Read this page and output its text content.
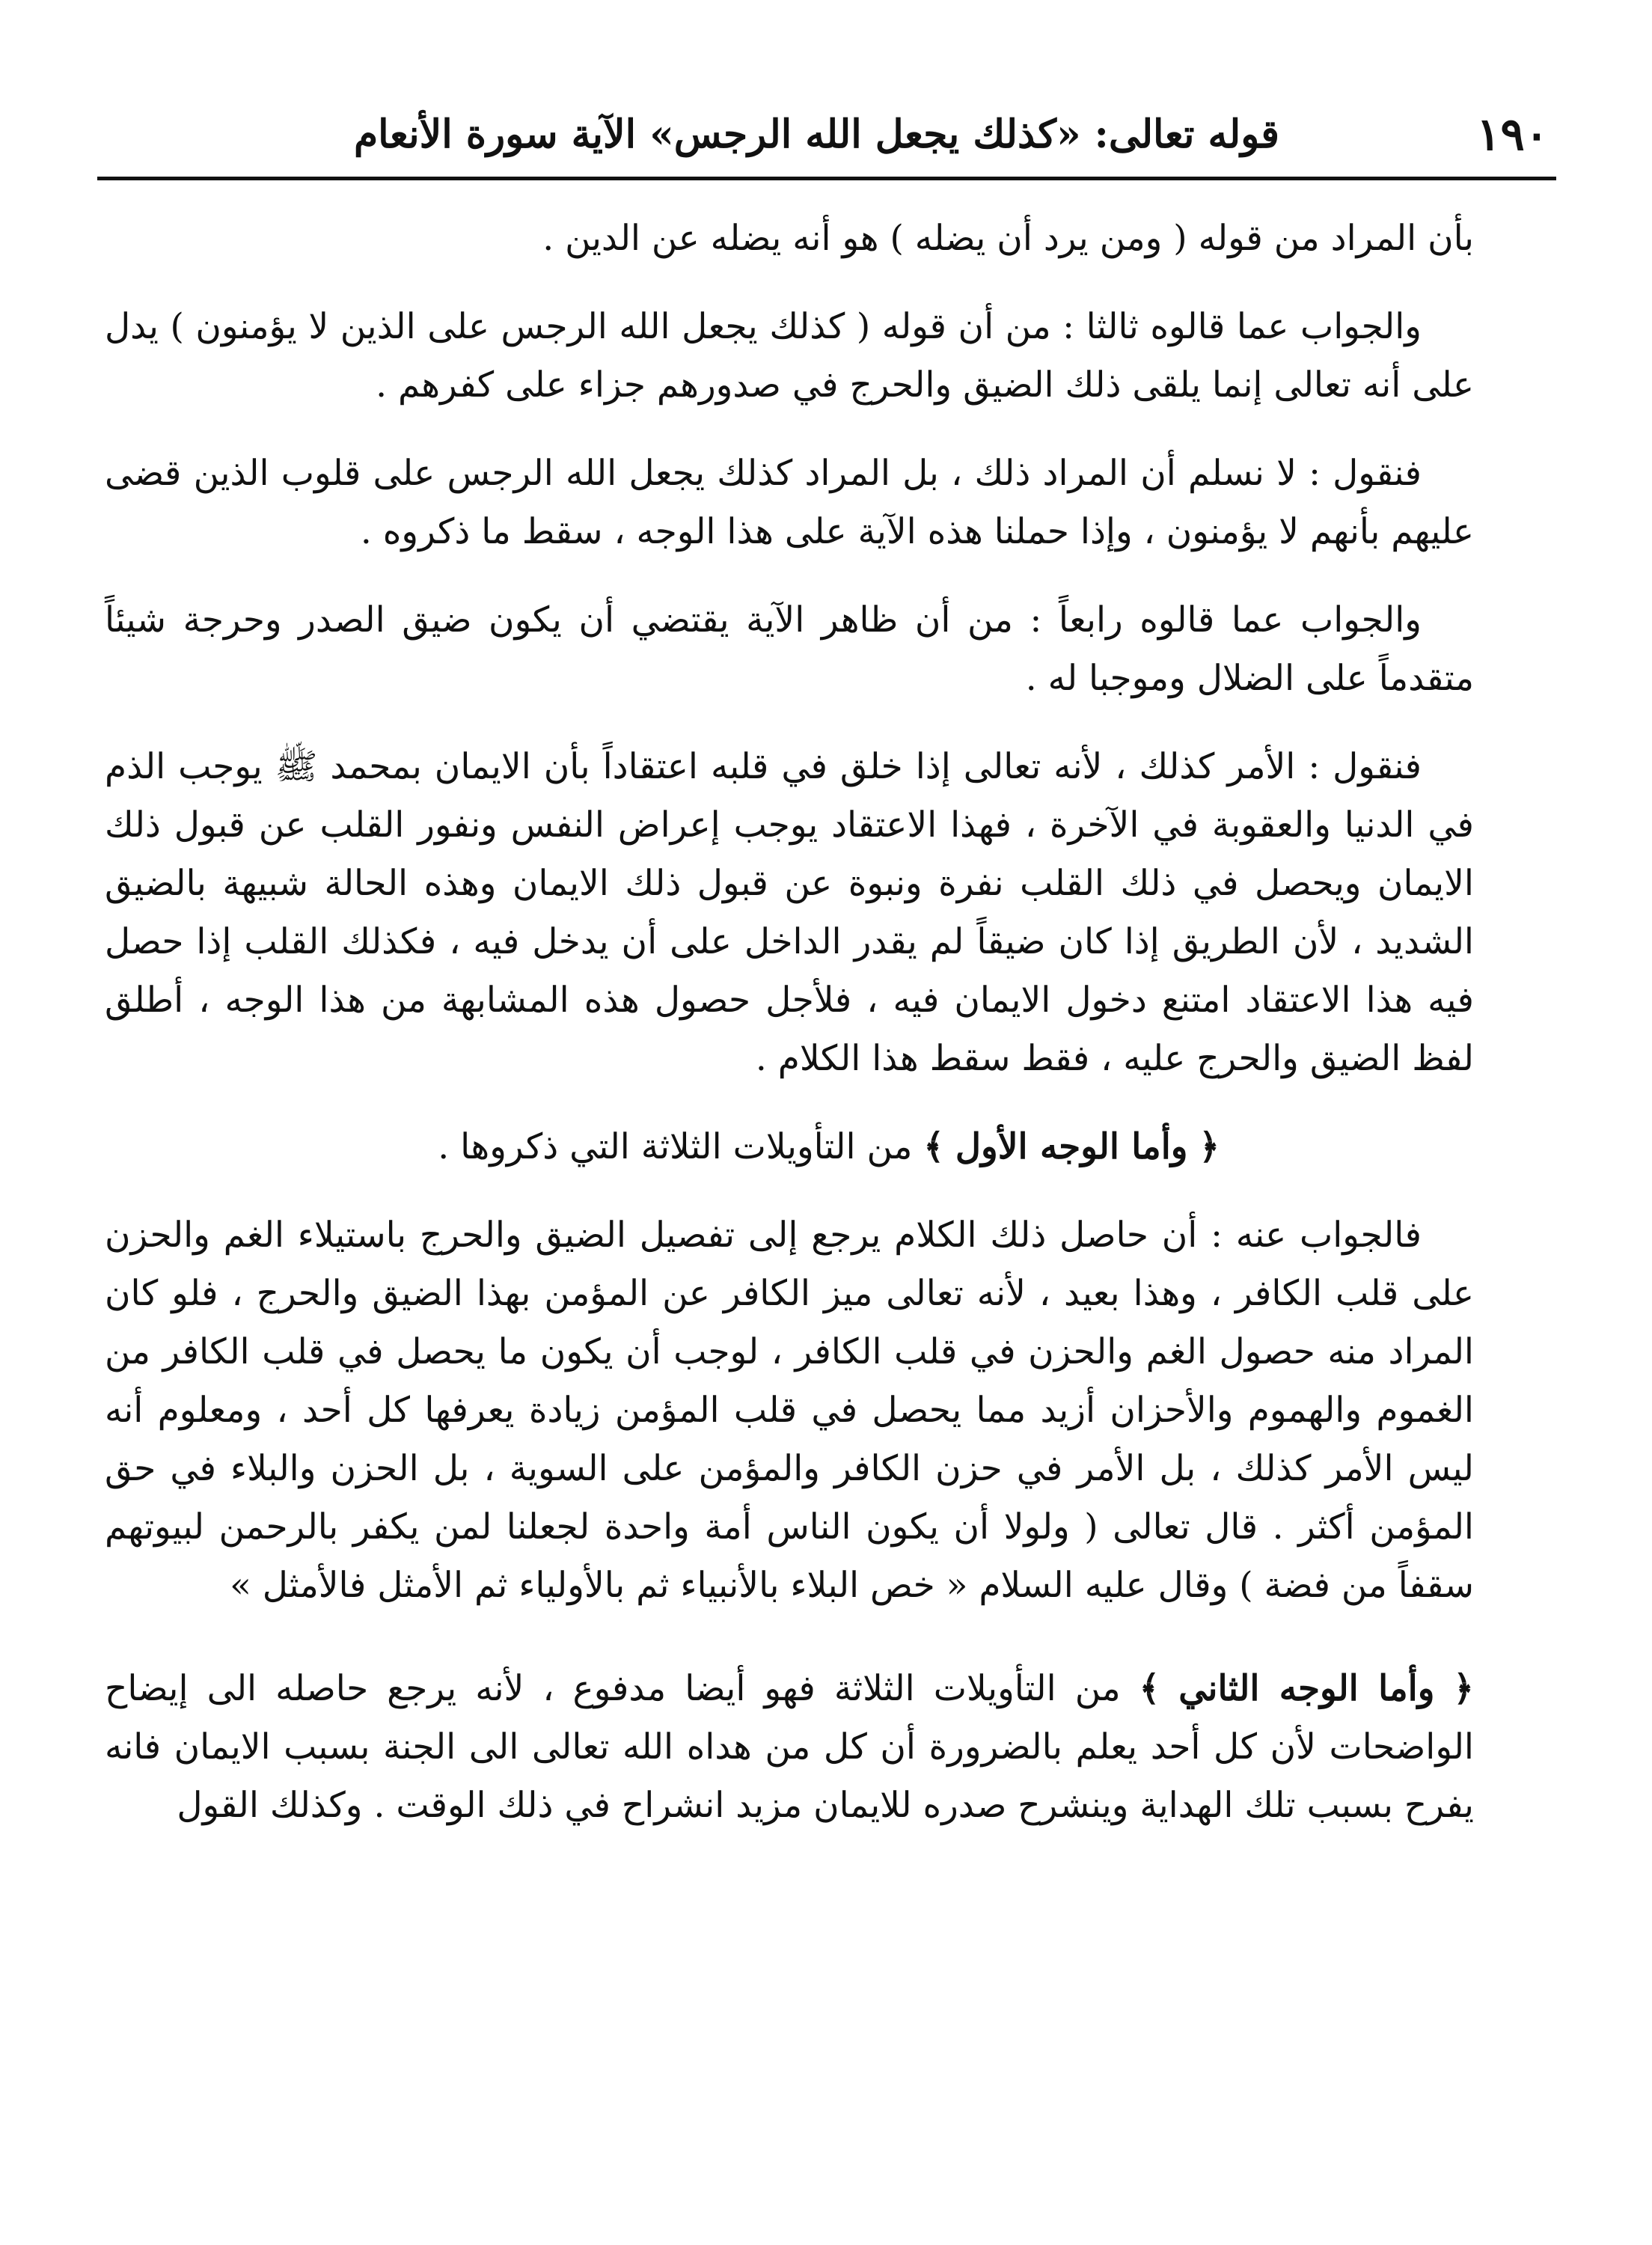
١٩٠
قوله تعالى: «كذلك يجعل الله الرجس» الآية سورة الأنعام

بأن المراد من قوله ( ومن يرد أن يضله ) هو أنه يضله عن الدين .

والجواب عما قالوه ثالثا : من أن قوله ( كذلك يجعل الله الرجس على الذين لا يؤمنون ) يدل على أنه تعالى إنما يلقى ذلك الضيق والحرج في صدورهم جزاء على كفرهم .

فنقول : لا نسلم أن المراد ذلك ، بل المراد كذلك يجعل الله الرجس على قلوب الذين قضى عليهم بأنهم لا يؤمنون ، وإذا حملنا هذه الآية على هذا الوجه ، سقط ما ذكروه .

والجواب عما قالوه رابعاً : من أن ظاهر الآية يقتضي أن يكون ضيق الصدر وحرجة شيئاً متقدماً على الضلال وموجبا له .

فنقول : الأمر كذلك ، لأنه تعالى إذا خلق في قلبه اعتقاداً بأن الايمان بمحمد ﷺ يوجب الذم في الدنيا والعقوبة في الآخرة ، فهذا الاعتقاد يوجب إعراض النفس ونفور القلب عن قبول ذلك الايمان ويحصل في ذلك القلب نفرة ونبوة عن قبول ذلك الايمان وهذه الحالة شبيهة بالضيق الشديد ، لأن الطريق إذا كان ضيقاً لم يقدر الداخل على أن يدخل فيه ، فكذلك القلب إذا حصل فيه هذا الاعتقاد امتنع دخول الايمان فيه ، فلأجل حصول هذه المشابهة من هذا الوجه ، أطلق لفظ الضيق والحرج عليه ، فقط سقط هذا الكلام .

﴿ وأما الوجه الأول ﴾ من التأويلات الثلاثة التي ذكروها .

فالجواب عنه : أن حاصل ذلك الكلام يرجع إلى تفصيل الضيق والحرج باستيلاء الغم والحزن على قلب الكافر ، وهذا بعيد ، لأنه تعالى ميز الكافر عن المؤمن بهذا الضيق والحرج ، فلو كان المراد منه حصول الغم والحزن في قلب الكافر ، لوجب أن يكون ما يحصل في قلب الكافر من الغموم والهموم والأحزان أزيد مما يحصل في قلب المؤمن زيادة يعرفها كل أحد ، ومعلوم أنه ليس الأمر كذلك ، بل الأمر في حزن الكافر والمؤمن على السوية ، بل الحزن والبلاء في حق المؤمن أكثر . قال تعالى ( ولولا أن يكون الناس أمة واحدة لجعلنا لمن يكفر بالرحمن لبيوتهم سقفاً من فضة ) وقال عليه السلام « خص البلاء بالأنبياء ثم بالأولياء ثم الأمثل فالأمثل »

﴿ وأما الوجه الثاني ﴾ من التأويلات الثلاثة فهو أيضا مدفوع ، لأنه يرجع حاصله الى إيضاح الواضحات لأن كل أحد يعلم بالضرورة أن كل من هداه الله تعالى الى الجنة بسبب الايمان فانه يفرح بسبب تلك الهداية وينشرح صدره للايمان مزيد انشراح في ذلك الوقت . وكذلك القول
